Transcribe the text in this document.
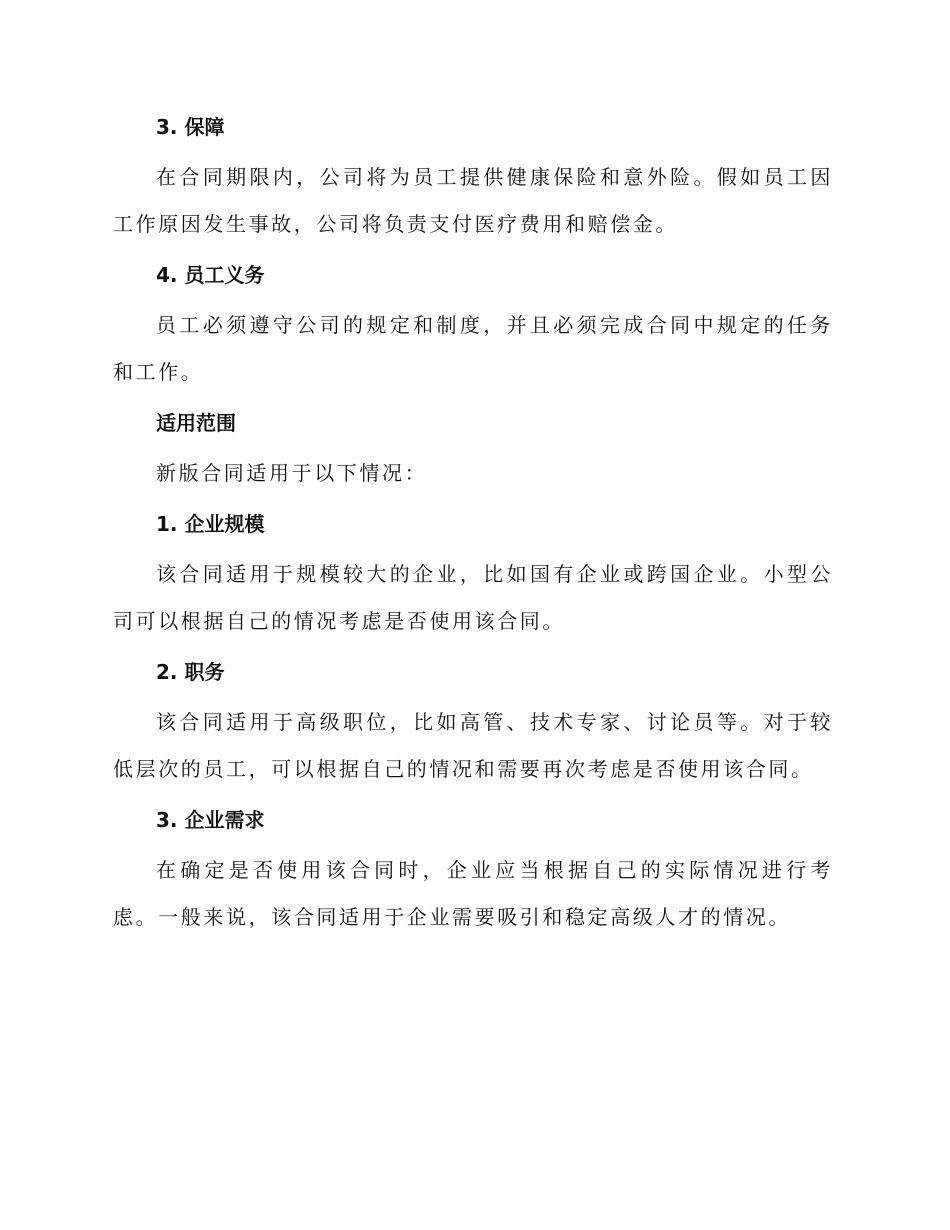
3. 保障

在合同期限内，公司将为员工提供健康保险和意外险。假如员工因工作原因发生事故，公司将负责支付医疗费用和赔偿金。

4. 员工义务

员工必须遵守公司的规定和制度，并且必须完成合同中规定的任务和工作。

适用范围

新版合同适用于以下情况：

1. 企业规模

该合同适用于规模较大的企业，比如国有企业或跨国企业。小型公司可以根据自己的情况考虑是否使用该合同。

2. 职务

该合同适用于高级职位，比如高管、技术专家、讨论员等。对于较低层次的员工，可以根据自己的情况和需要再次考虑是否使用该合同。

3. 企业需求

在确定是否使用该合同时，企业应当根据自己的实际情况进行考虑。一般来说，该合同适用于企业需要吸引和稳定高级人才的情况。
